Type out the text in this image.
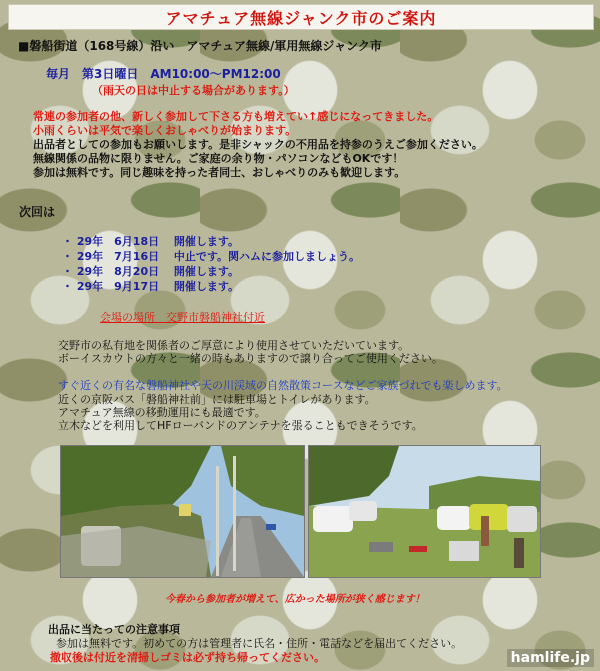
アマチュア無線ジャンク市のご案内
■磐船街道（168号線）沿い　アマチュア無線/軍用無線ジャンク市
毎月　第3日曜日　AM10:00～PM12:00
（雨天の日は中止する場合があります。）
常連の参加者の他、新しく参加して下さる方も増えてい↑感じになってきました。
小雨くらいは平気で楽しくおしゃべりが始まります。
出品者としての参加もお願いします。是非シャックの不用品を持参のうえご参加ください。
無線関係の品物に限りません。ご家庭の余り物・パソコンなどもOKです！
参加は無料です。同じ趣味を持った者同士、おしゃべりのみも歓迎します。
次回は
・ 29年　6月18日　 開催します。
・ 29年　7月16日　 中止です。関ハムに参加しましょう。
・ 29年　8月20日　 開催します。
・ 29年　9月17日　 開催します。
会場の場所　交野市磐船神社付近
交野市の私有地を関係者のご厚意により使用させていただいています。
ボーイスカウトの方々と一緒の時もありますので譲り合ってご使用ください。
すぐ近くの有名な磐船神社や天の川渓域の自然散策コースなどご家族づれでも楽しめます。
近くの京阪バス「磐船神社前」には駐車場とトイレがあります。
アマチュア無線の移動運用にも最適です。
立木などを利用してHFローバンドのアンテナを張ることもできそうです。
今春から参加者が増えて、広かった場所が狭く感じます！
出品に当たっての注意事項
参加は無料です。初めての方は管理者に氏名・住所・電話などを届出てください。
撤収後は付近を清掃しゴミは必ず持ち帰ってください。	hamlife.jp
